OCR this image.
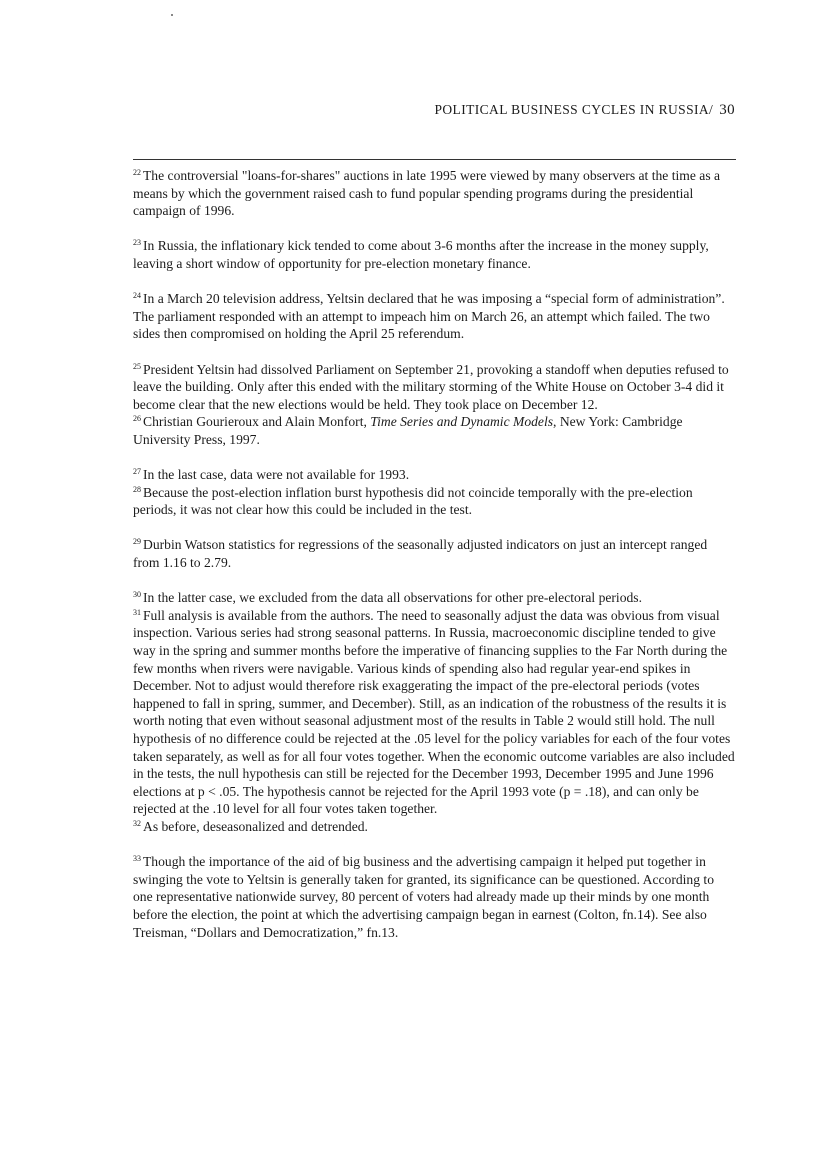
POLITICAL BUSINESS CYCLES IN RUSSIA/ 30

$^{22}$ The controversial "loans-for-shares" auctions in late 1995 were viewed by many observers at the time as a means by which the government raised cash to fund popular spending programs during the presidential campaign of 1996.

$^{23}$ In Russia, the inflationary kick tended to come about 3-6 months after the increase in the money supply, leaving a short window of opportunity for pre-election monetary finance.

$^{24}$ In a March 20 television address, Yeltsin declared that he was imposing a “special form of administration”. The parliament responded with an attempt to impeach him on March 26, an attempt which failed. The two sides then compromised on holding the April 25 referendum.

$^{25}$ President Yeltsin had dissolved Parliament on September 21, provoking a standoff when deputies refused to leave the building. Only after this ended with the military storming of the White House on October 3-4 did it become clear that the new elections would be held. They took place on December 12.

$^{26}$ Christian Gourieroux and Alain Monfort, Time Series and Dynamic Models, New York: Cambridge University Press, 1997.

$^{27}$ In the last case, data were not available for 1993.

$^{28}$ Because the post-election inflation burst hypothesis did not coincide temporally with the pre-election periods, it was not clear how this could be included in the test.

$^{29}$ Durbin Watson statistics for regressions of the seasonally adjusted indicators on just an intercept ranged from 1.16 to 2.79.

$^{30}$ In the latter case, we excluded from the data all observations for other pre-electoral periods.

$^{31}$ Full analysis is available from the authors. The need to seasonally adjust the data was obvious from visual inspection. Various series had strong seasonal patterns. In Russia, macroeconomic discipline tended to give way in the spring and summer months before the imperative of financing supplies to the Far North during the few months when rivers were navigable. Various kinds of spending also had regular year-end spikes in December. Not to adjust would therefore risk exaggerating the impact of the pre-electoral periods (votes happened to fall in spring, summer, and December). Still, as an indication of the robustness of the results it is worth noting that even without seasonal adjustment most of the results in Table 2 would still hold. The null hypothesis of no difference could be rejected at the .05 level for the policy variables for each of the four votes taken separately, as well as for all four votes together. When the economic outcome variables are also included in the tests, the null hypothesis can still be rejected for the December 1993, December 1995 and June 1996 elections at p < .05. The hypothesis cannot be rejected for the April 1993 vote (p = .18), and can only be rejected at the .10 level for all four votes taken together.

$^{32}$ As before, deseasonalized and detrended.

$^{33}$ Though the importance of the aid of big business and the advertising campaign it helped put together in swinging the vote to Yeltsin is generally taken for granted, its significance can be questioned. According to one representative nationwide survey, 80 percent of voters had already made up their minds by one month before the election, the point at which the advertising campaign began in earnest (Colton, fn.14). See also Treisman, “Dollars and Democratization,” fn.13.
